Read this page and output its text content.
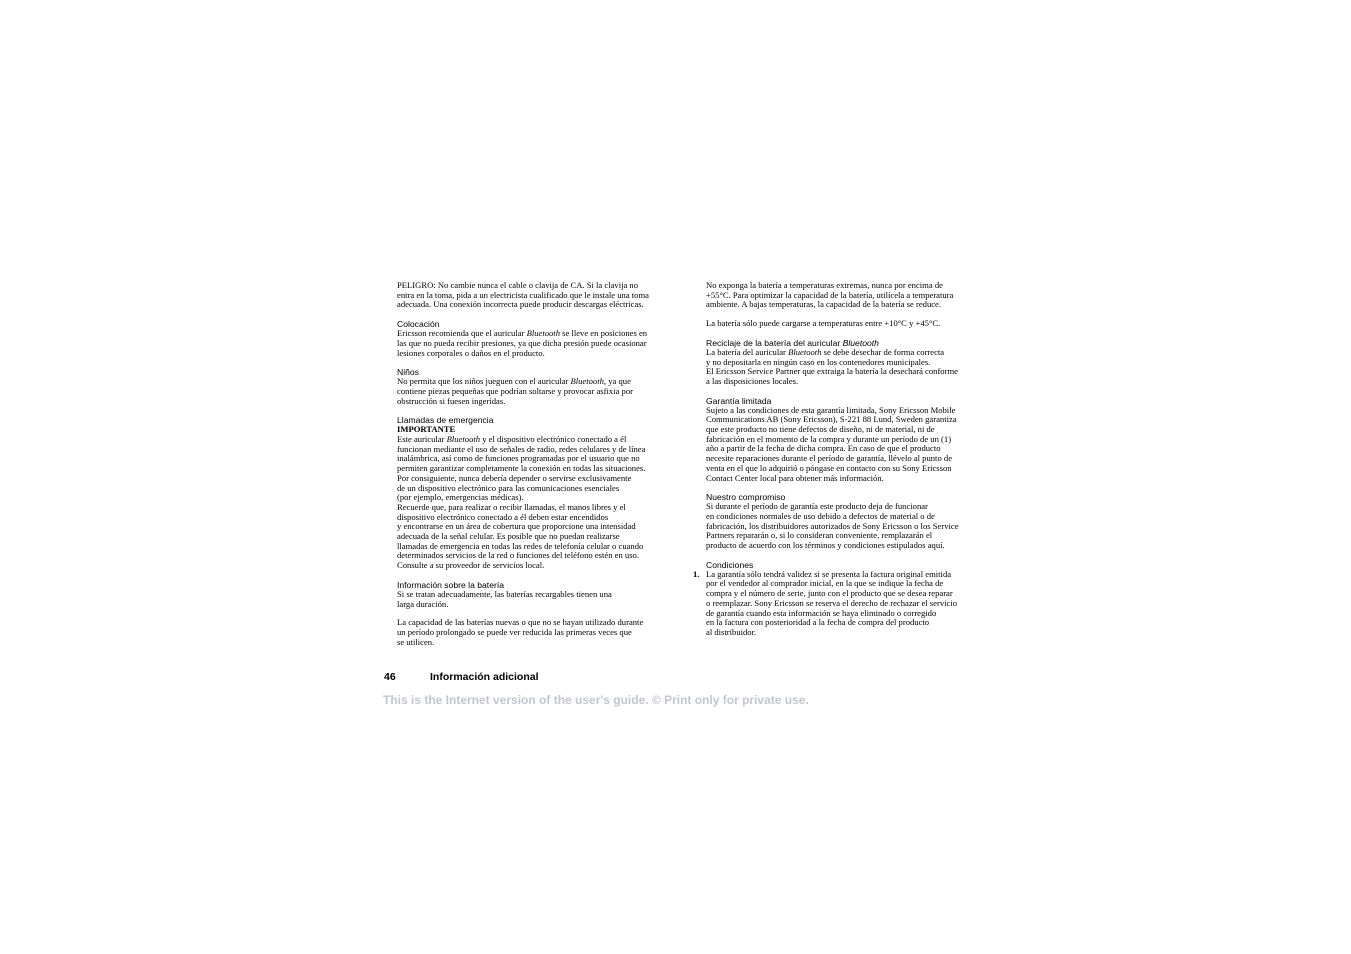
PELIGRO: No cambie nunca el cable o clavija de CA. Si la clavija no
entra en la toma, pida a un electricista cualificado que le instale una toma
adecuada. Una conexión incorrecta puede producir descargas eléctricas.
Colocación
Ericsson recomienda que el auricular Bluetooth se lleve en posiciones en
las que no pueda recibir presiones, ya que dicha presión puede ocasionar
lesiones corporales o daños en el producto.
Niños
No permita que los niños jueguen con el auricular Bluetooth, ya que
contiene piezas pequeñas que podrían soltarse y provocar asfixia por
obstrucción si fuesen ingeridas.
Llamadas de emergencia
IMPORTANTE
Este auricular Bluetooth y el dispositivo electrónico conectado a él
funcionan mediante el uso de señales de radio, redes celulares y de línea
inalámbrica, así como de funciones programadas por el usuario que no
permiten garantizar completamente la conexión en todas las situaciones.
Por consiguiente, nunca debería depender o servirse exclusivamente
de un dispositivo electrónico para las comunicaciones esenciales
(por ejemplo, emergencias médicas).
Recuerde que, para realizar o recibir llamadas, el manos libres y el
dispositivo electrónico conectado a él deben estar encendidos
y encontrarse en un área de cobertura que proporcione una intensidad
adecuada de la señal celular. Es posible que no puedan realizarse
llamadas de emergencia en todas las redes de telefonía celular o cuando
determinados servicios de la red o funciones del teléfono estén en uso.
Consulte a su proveedor de servicios local.
Información sobre la batería
Si se tratan adecuadamente, las baterías recargables tienen una
larga duración.
La capacidad de las baterías nuevas o que no se hayan utilizado durante
un período prolongado se puede ver reducida las primeras veces que
se utilicen.
No exponga la batería a temperaturas extremas, nunca por encima de
+55°C. Para optimizar la capacidad de la batería, utilícela a temperatura
ambiente. A bajas temperaturas, la capacidad de la batería se reduce.
La batería sólo puede cargarse a temperaturas entre +10°C y +45°C.
Reciclaje de la batería del auricular Bluetooth
La batería del auricular Bluetooth se debe desechar de forma correcta
y no depositarla en ningún caso en los contenedores municipales.
El Ericsson Service Partner que extraiga la batería la desechará conforme
a las disposiciones locales.
Garantía limitada
Sujeto a las condiciones de esta garantía limitada, Sony Ericsson Mobile
Communications AB (Sony Ericsson), S-221 88 Lund, Sweden garantiza
que este producto no tiene defectos de diseño, ni de material, ni de
fabricación en el momento de la compra y durante un período de un (1)
año a partir de la fecha de dicha compra. En caso de que el producto
necesite reparaciones durante el período de garantía, llévelo al punto de
venta en el que lo adquirió o póngase en contacto con su Sony Ericsson
Contact Center local para obtener más información.
Nuestro compromiso
Si durante el período de garantía este producto deja de funcionar
en condiciones normales de uso debido a defectos de material o de
fabricación, los distribuidores autorizados de Sony Ericsson o los Service
Partners repararán o, si lo consideran conveniente, remplazarán el
producto de acuerdo con los términos y condiciones estipulados aquí.
Condiciones
1. La garantía sólo tendrá validez si se presenta la factura original emitida
por el vendedor al comprador inicial, en la que se indique la fecha de
compra y el número de serie, junto con el producto que se desea reparar
o reemplazar. Sony Ericsson se reserva el derecho de rechazar el servicio
de garantía cuando esta información se haya eliminado o corregido
en la factura con posterioridad a la fecha de compra del producto
al distribuidor.
46	Información adicional
This is the Internet version of the user's guide. © Print only for private use.
